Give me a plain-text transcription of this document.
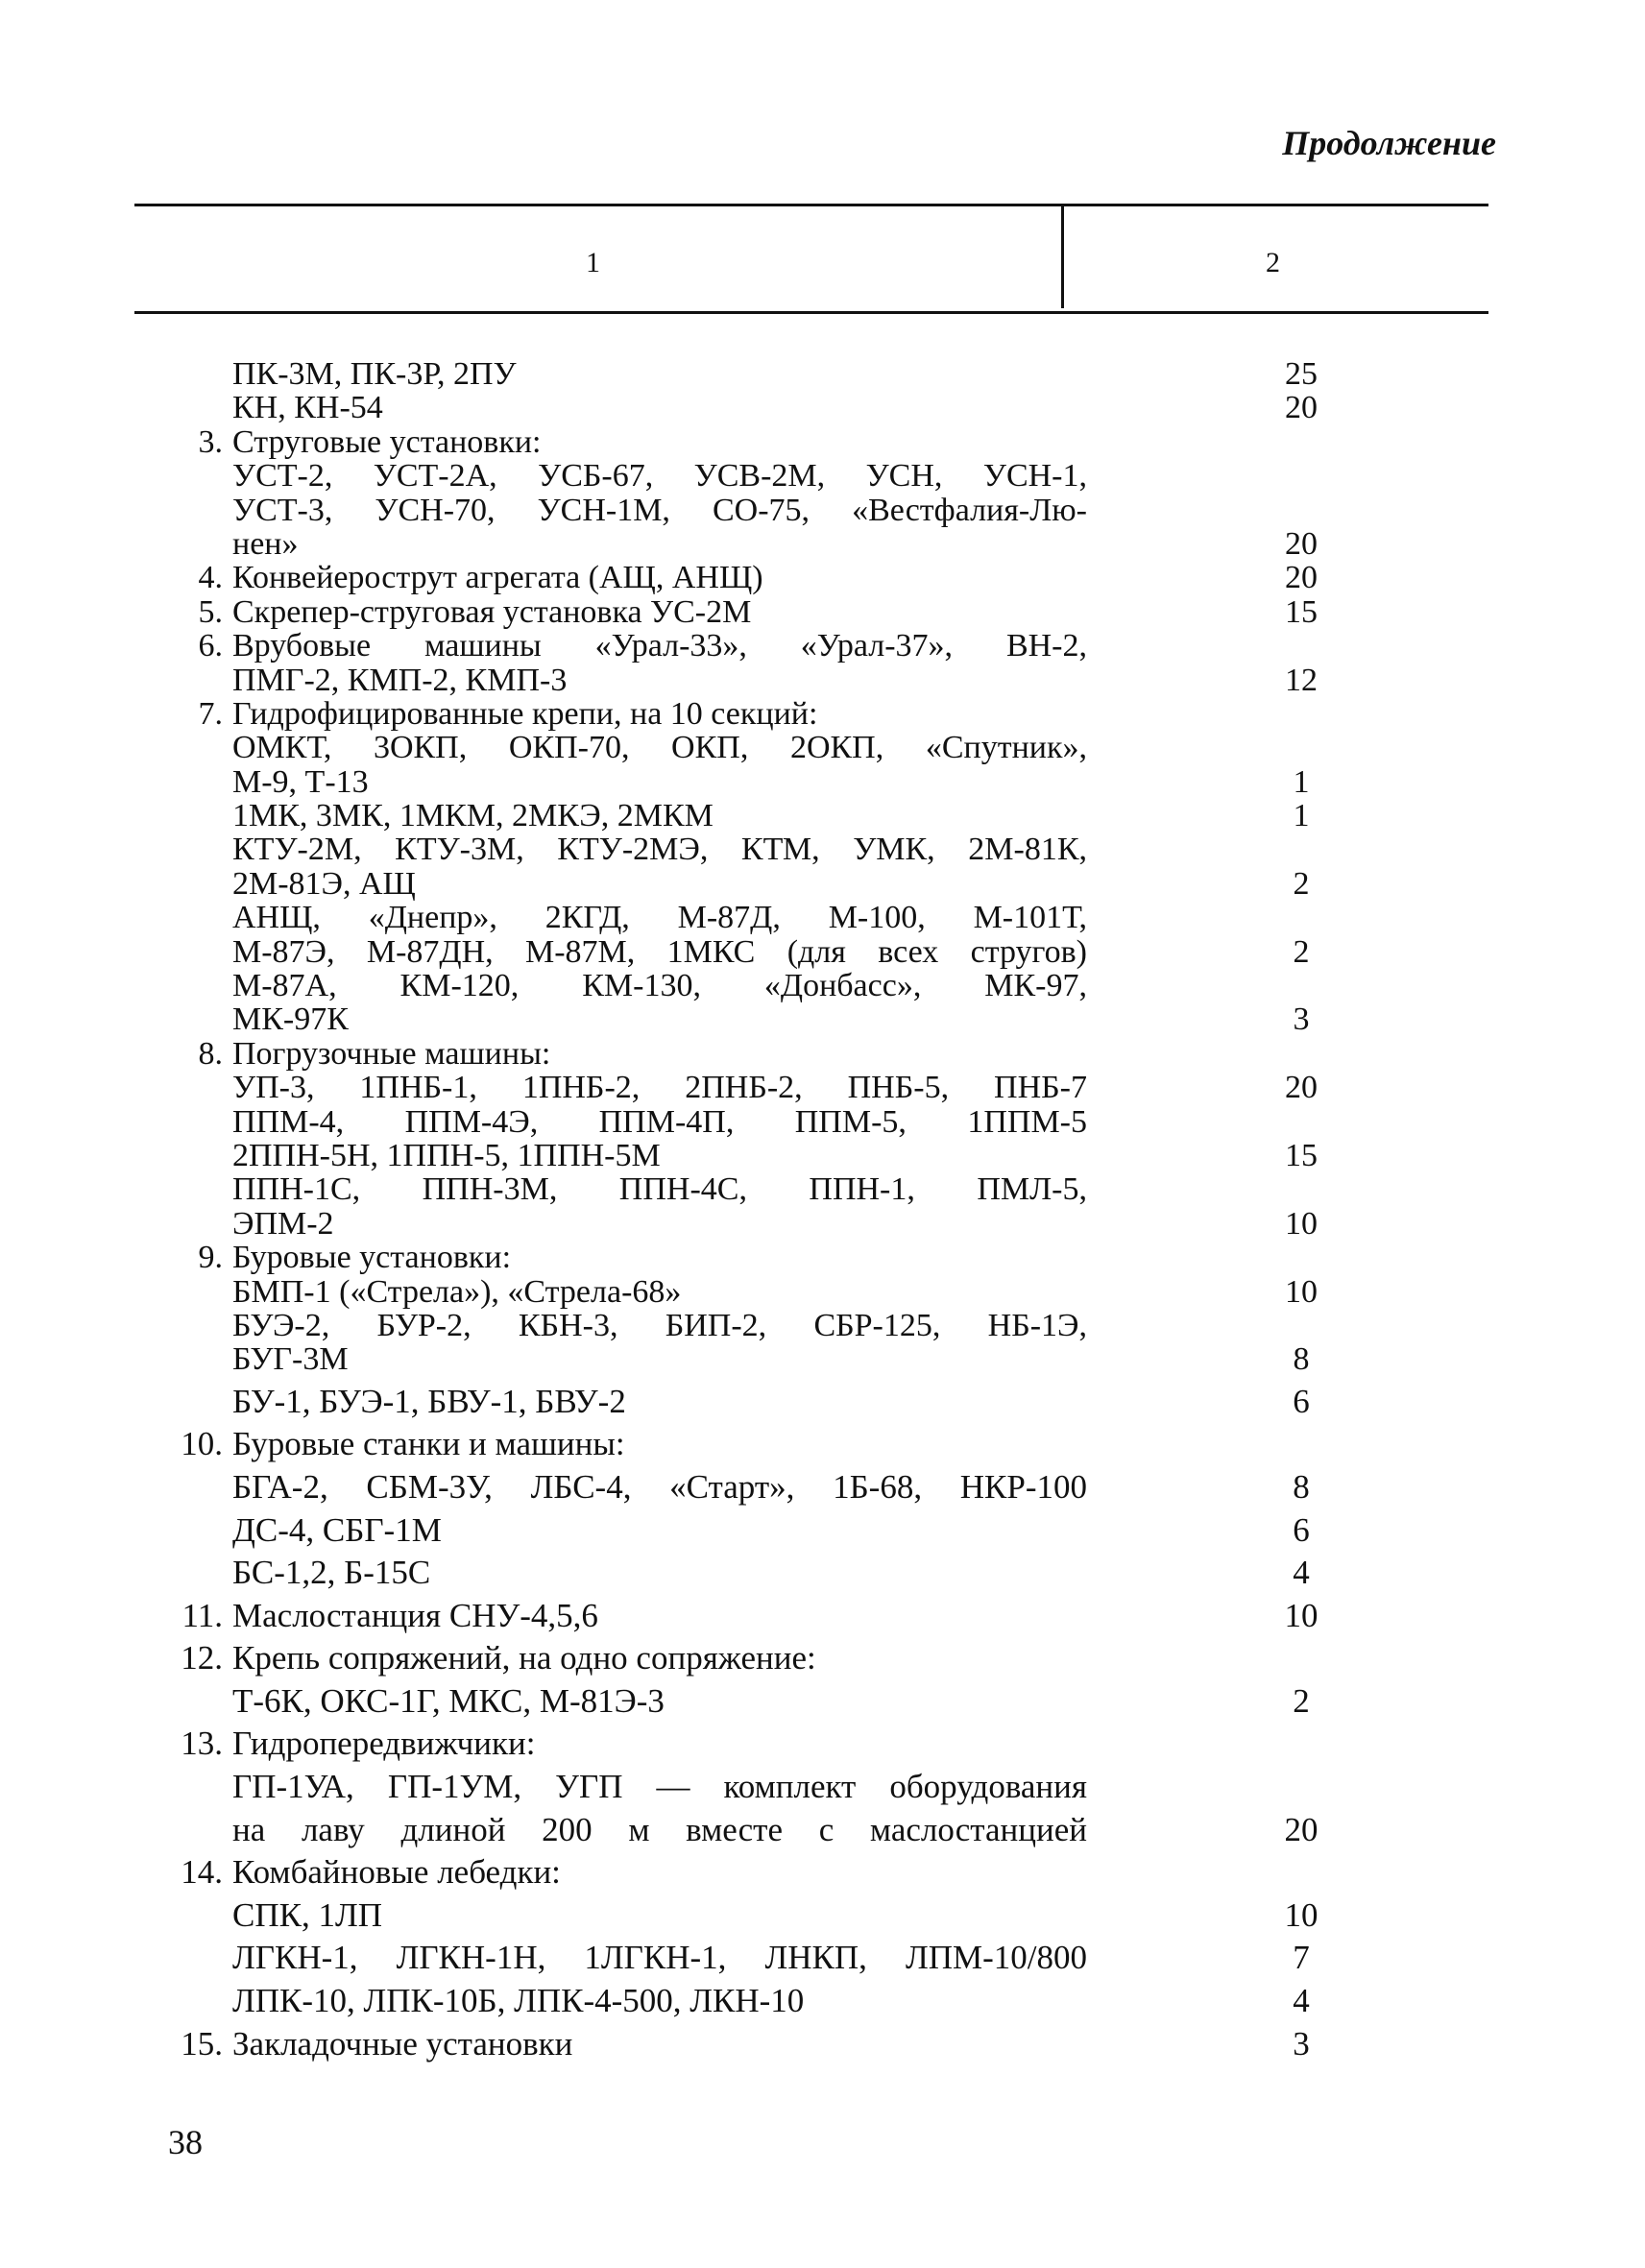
Продолжение
1	2
ПК-3М, ПК-3Р, 2ПУ	25
КН, КН-54	20
3. Струговые установки:
УСТ-2, УСТ-2А, УСБ-67, УСВ-2М, УСН, УСН-1,
УСТ-3, УСН-70, УСН-1М, СО-75, «Вестфалия-Лю-
нен»	20
4. Конвейерострут агрегата (АЩ, АНЩ)	20
5. Скрепер-струговая установка УС-2М	15
6. Врубовые машины «Урал-33», «Урал-37», ВН-2,
ПМГ-2, КМП-2, КМП-3	12
7. Гидрофицированные крепи, на 10 секций:
ОМКТ, 3ОКП, ОКП-70, ОКП, 2ОКП, «Спутник»,
М-9, Т-13	1
1МК, 3МК, 1МКМ, 2МКЭ, 2МКМ	1
КТУ-2М, КТУ-3М, КТУ-2МЭ, КТМ, УМК, 2М-81К,
2М-81Э, АЩ	2
АНЩ, «Днепр», 2КГД, М-87Д, М-100, М-101Т,
М-87Э, М-87ДН, М-87М, 1МКС (для всех стругов)	2
М-87А, КМ-120, КМ-130, «Донбасс», МК-97,
МК-97К	3
8. Погрузочные машины:
УП-3, 1ПНБ-1, 1ПНБ-2, 2ПНБ-2, ПНБ-5, ПНБ-7	20
ППМ-4, ППМ-4Э, ППМ-4П, ППМ-5, 1ППМ-5
2ППН-5Н, 1ППН-5, 1ППН-5М	15
ППН-1С, ППН-3М, ППН-4С, ППН-1, ПМЛ-5,
ЭПМ-2	10
9. Буровые установки:
БМП-1 («Стрела»), «Стрела-68»	10
БУЭ-2, БУР-2, КБН-3, БИП-2, СБР-125, НБ-1Э,
БУГ-3М	8
БУ-1, БУЭ-1, БВУ-1, БВУ-2	6
10. Буровые станки и машины:
БГА-2, СБМ-3У, ЛБС-4, «Старт», 1Б-68, НКР-100	8
ДС-4, СБГ-1М	6
БС-1,2, Б-15С	4
11. Маслостанция СНУ-4,5,6	10
12. Крепь сопряжений, на одно сопряжение:
Т-6К, ОКС-1Г, МКС, М-81Э-3	2
13. Гидропередвижчики:
ГП-1УА, ГП-1УМ, УГП — комплект оборудования
на лаву длиной 200 м вместе с маслостанцией	20
14. Комбайновые лебедки:
СПК, 1ЛП	10
ЛГКН-1, ЛГКН-1Н, 1ЛГКН-1, ЛНКП, ЛПМ-10/800	7
ЛПК-10, ЛПК-10Б, ЛПК-4-500, ЛКН-10	4
15. Закладочные установки	3
38
